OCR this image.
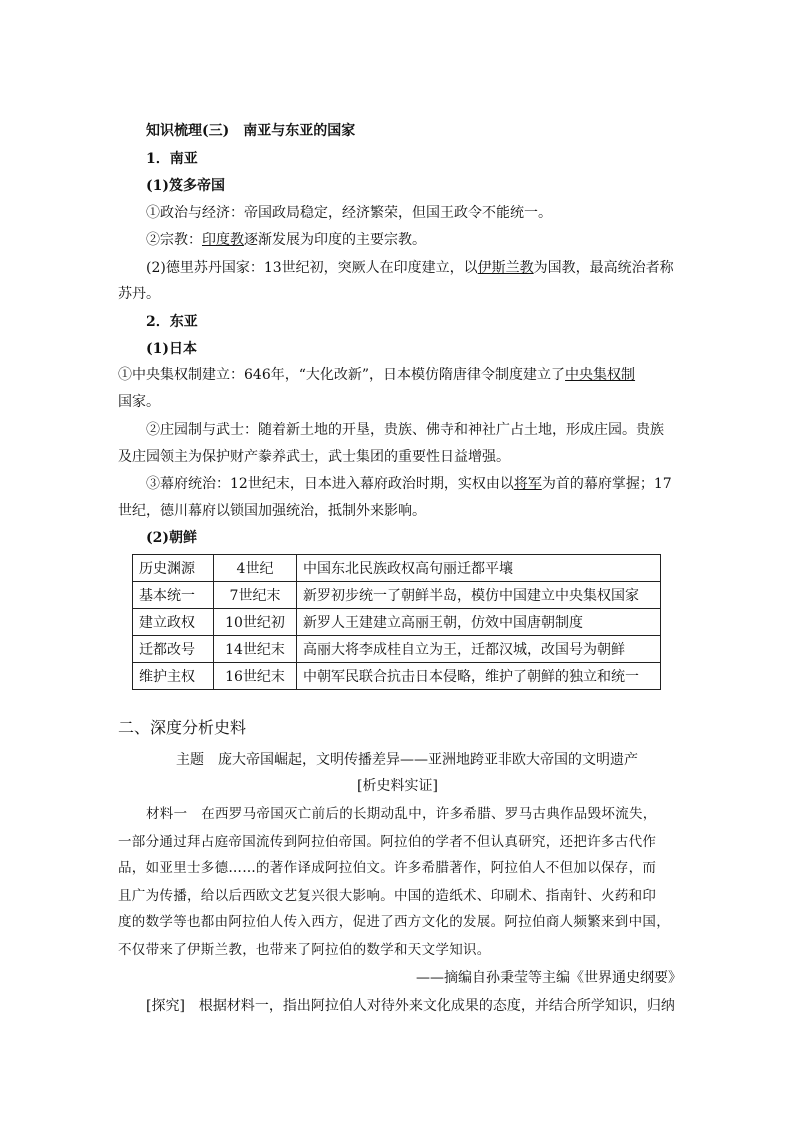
知识梳理(三)　南亚与东亚的国家
1．南亚
(1)笈多帝国
①政治与经济：帝国政局稳定，经济繁荣，但国王政令不能统一。
②宗教：印度教逐渐发展为印度的主要宗教。
(2)德里苏丹国家：13世纪初，突厥人在印度建立，以伊斯兰教为国教，最高统治者称
苏丹。
2．东亚
(1)日本
①中央集权制建立：646年，“大化改新”，日本模仿隋唐律令制度建立了中央集权制
国家。
②庄园制与武士：随着新土地的开垦，贵族、佛寺和神社广占土地，形成庄园。贵族
及庄园领主为保护财产豢养武士，武士集团的重要性日益增强。
③幕府统治：12世纪末，日本进入幕府政治时期，实权由以将军为首的幕府掌握；17
世纪，德川幕府以锁国加强统治，抵制外来影响。
(2)朝鲜
历史渊源	4世纪	中国东北民族政权高句丽迁都平壤
基本统一	7世纪末	新罗初步统一了朝鲜半岛，模仿中国建立中央集权国家
建立政权	10世纪初	新罗人王建建立高丽王朝，仿效中国唐朝制度
迁都改号	14世纪末	高丽大将李成桂自立为王，迁都汉城，改国号为朝鲜
维护主权	16世纪末	中朝军民联合抗击日本侵略，维护了朝鲜的独立和统一
二、深度分析史料
主题　庞大帝国崛起，文明传播差异——亚洲地跨亚非欧大帝国的文明遗产
[析史料实证]
材料一　在西罗马帝国灭亡前后的长期动乱中，许多希腊、罗马古典作品毁坏流失，
一部分通过拜占庭帝国流传到阿拉伯帝国。阿拉伯的学者不但认真研究，还把许多古代作
品，如亚里士多德……的著作译成阿拉伯文。许多希腊著作，阿拉伯人不但加以保存，而
且广为传播，给以后西欧文艺复兴很大影响。中国的造纸术、印刷术、指南针、火药和印
度的数学等也都由阿拉伯人传入西方，促进了西方文化的发展。阿拉伯商人频繁来到中国，
不仅带来了伊斯兰教，也带来了阿拉伯的数学和天文学知识。
——摘编自孙秉莹等主编《世界通史纲要》
[探究]　根据材料一，指出阿拉伯人对待外来文化成果的态度，并结合所学知识，归纳
